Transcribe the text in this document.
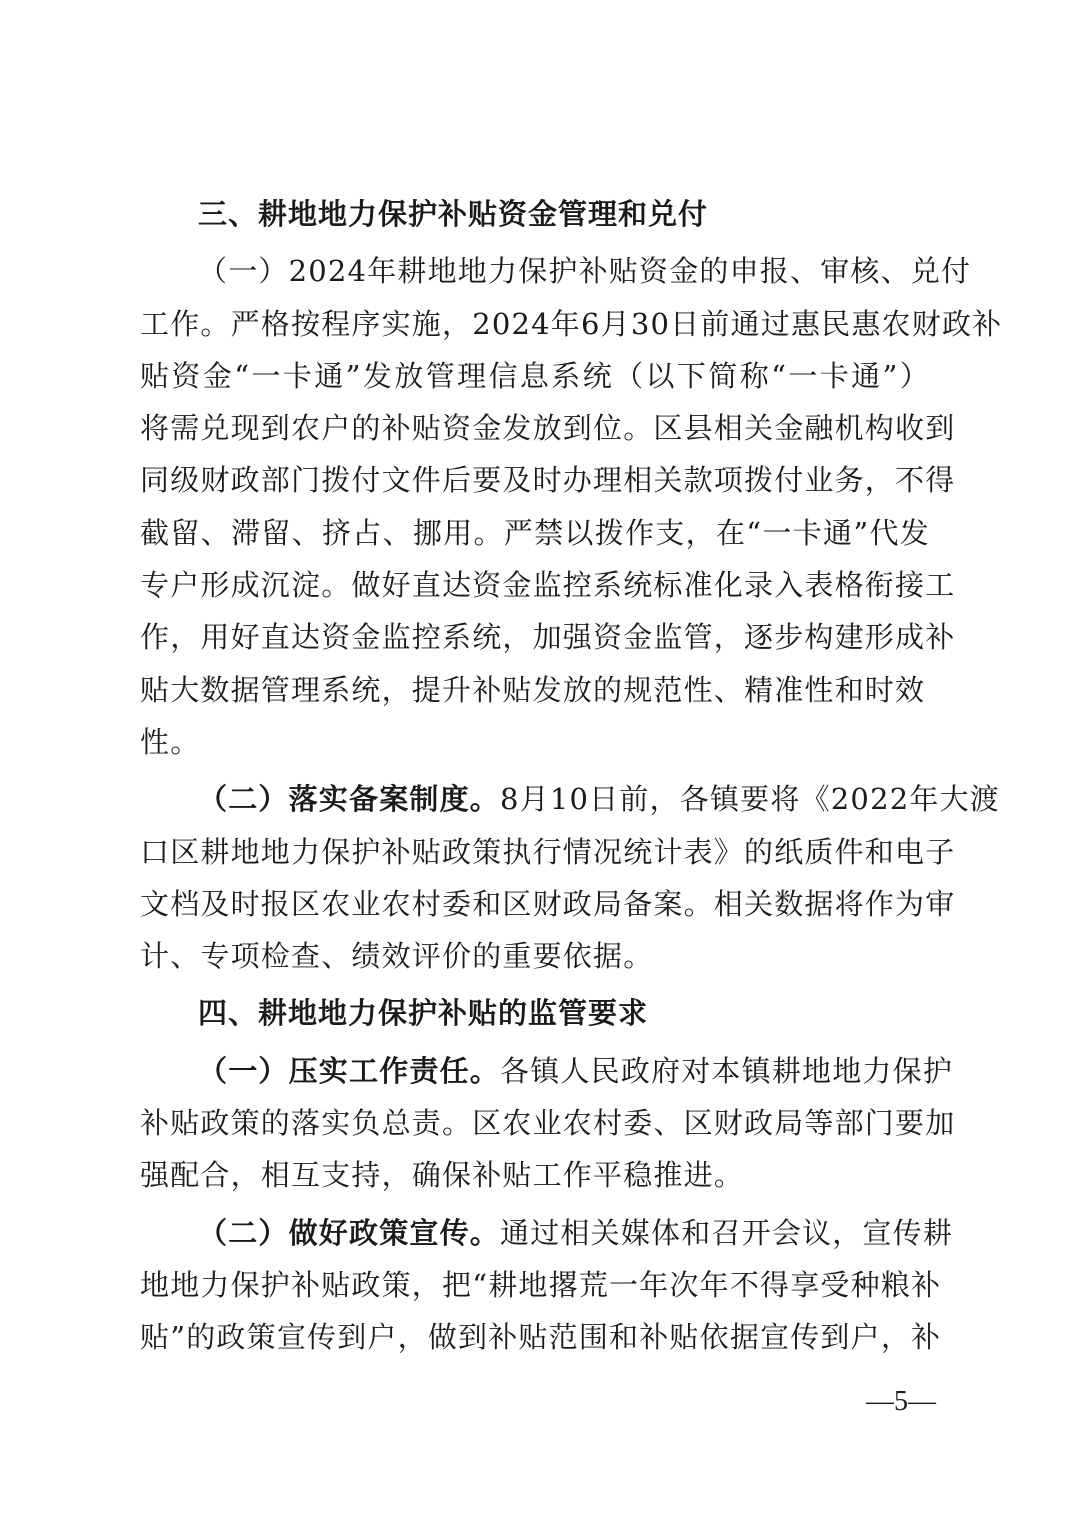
三、耕地地力保护补贴资金管理和兑付
（一）2024年耕地地力保护补贴资金的申报、审核、兑付
工作。严格按程序实施，2024年6月30日前通过惠民惠农财政补
贴资金“一卡通”发放管理信息系统（以下简称“一卡通”）
将需兑现到农户的补贴资金发放到位。区县相关金融机构收到
同级财政部门拨付文件后要及时办理相关款项拨付业务，不得
截留、滞留、挤占、挪用。严禁以拨作支，在“一卡通”代发
专户形成沉淀。做好直达资金监控系统标准化录入表格衔接工
作，用好直达资金监控系统，加强资金监管，逐步构建形成补
贴大数据管理系统，提升补贴发放的规范性、精准性和时效
性。
（二）落实备案制度。8月10日前，各镇要将《2022年大渡
口区耕地地力保护补贴政策执行情况统计表》的纸质件和电子
文档及时报区农业农村委和区财政局备案。相关数据将作为审
计、专项检查、绩效评价的重要依据。
四、耕地地力保护补贴的监管要求
（一）压实工作责任。各镇人民政府对本镇耕地地力保护
补贴政策的落实负总责。区农业农村委、区财政局等部门要加
强配合，相互支持，确保补贴工作平稳推进。
（二）做好政策宣传。通过相关媒体和召开会议，宣传耕
地地力保护补贴政策，把“耕地撂荒一年次年不得享受种粮补
贴”的政策宣传到户，做到补贴范围和补贴依据宣传到户，补
—5—
